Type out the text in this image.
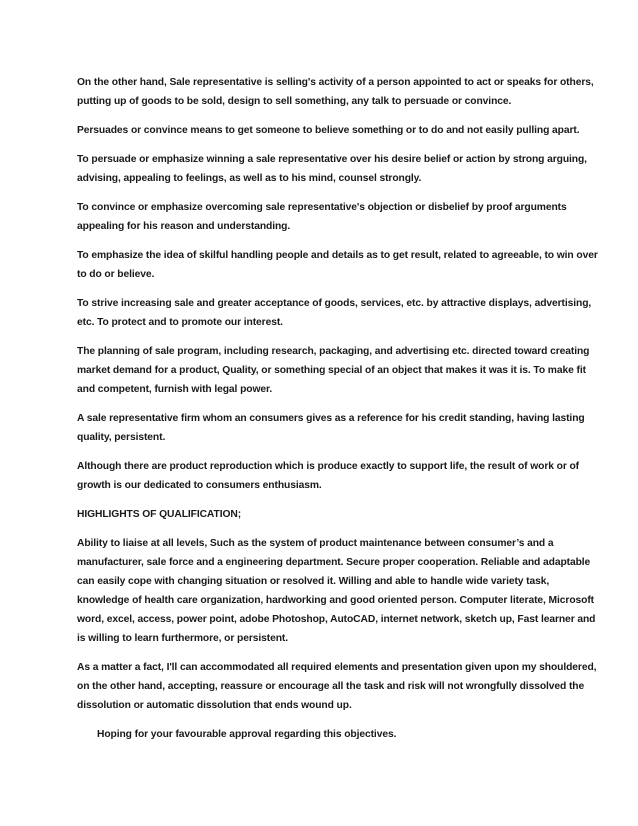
On the other hand, Sale representative is selling's activity of a person appointed to act or speaks for others, putting up of goods to be sold, design to sell something, any talk to persuade or convince.

Persuades or convince means to get someone to believe something or to do and not easily pulling apart.

To persuade or emphasize winning a sale representative over his desire belief or action by strong arguing, advising, appealing to feelings, as well as to his mind, counsel strongly.

To convince or emphasize overcoming sale representative's objection or disbelief by proof arguments appealing for his reason and understanding.

To emphasize the idea of skilful handling people and details as to get result, related to agreeable, to win over to do or believe.

To strive increasing sale and greater acceptance of goods, services, etc. by attractive displays, advertising, etc. To protect and to promote our interest.

The planning of sale program, including research, packaging, and advertising etc. directed toward creating market demand for a product, Quality, or something special of an object that makes it was it is. To make fit and competent, furnish with legal power.

A sale representative firm whom an consumers gives as a reference for his credit standing, having lasting quality, persistent.

Although there are product reproduction which is produce exactly to support life, the result of work or of growth is our dedicated to consumers enthusiasm.

HIGHLIGHTS OF QUALIFICATION;

Ability to liaise at all levels, Such as the system of product maintenance between consumer’s and a manufacturer, sale force and a engineering department. Secure proper cooperation. Reliable and adaptable can easily cope with changing situation or resolved it. Willing and able to handle wide variety task, knowledge of health care organization, hardworking and good oriented person. Computer literate, Microsoft word, excel, access, power point, adobe Photoshop, AutoCAD, internet network, sketch up, Fast learner and is willing to learn furthermore, or persistent.

As a matter a fact, I'll can accommodated all required elements and presentation given upon my shouldered, on the other hand, accepting, reassure or encourage all the task and risk will not wrongfully dissolved the dissolution or automatic dissolution that ends wound up.

Hoping for your favourable approval regarding this objectives.
